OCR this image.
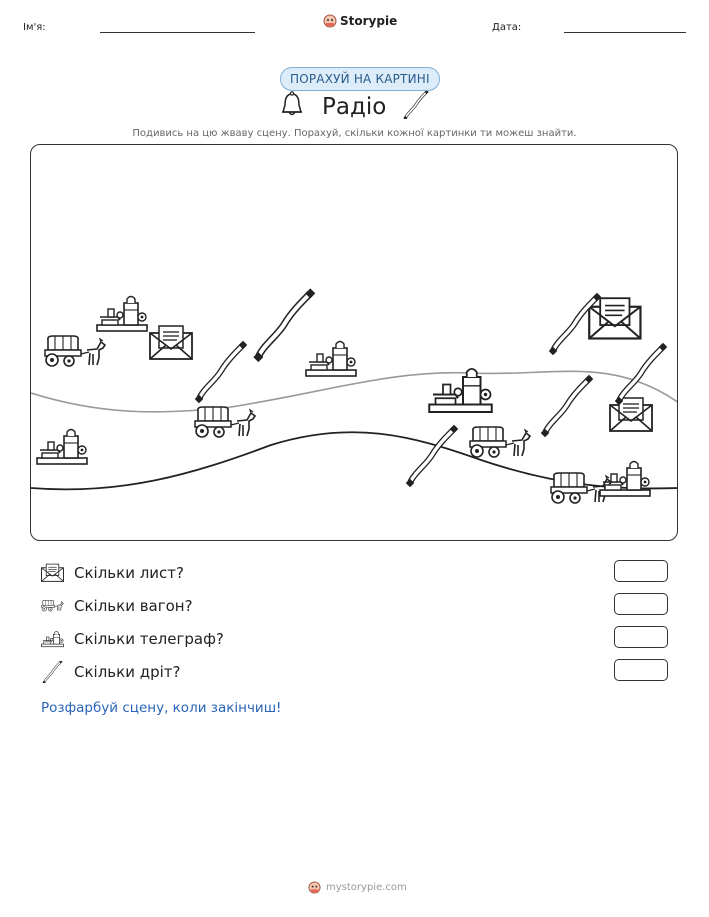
Ім'я:	Storypie	Дата:
ПОРАХУЙ НА КАРТИНІ
Радіо
Подивись на цю жваву сцену. Порахуй, скільки кожної картинки ти можеш знайти.
Скільки лист?
Скільки вагон?
Скільки телеграф?
Скільки дріт?
Розфарбуй сцену, коли закінчиш!
mystorypie.com
